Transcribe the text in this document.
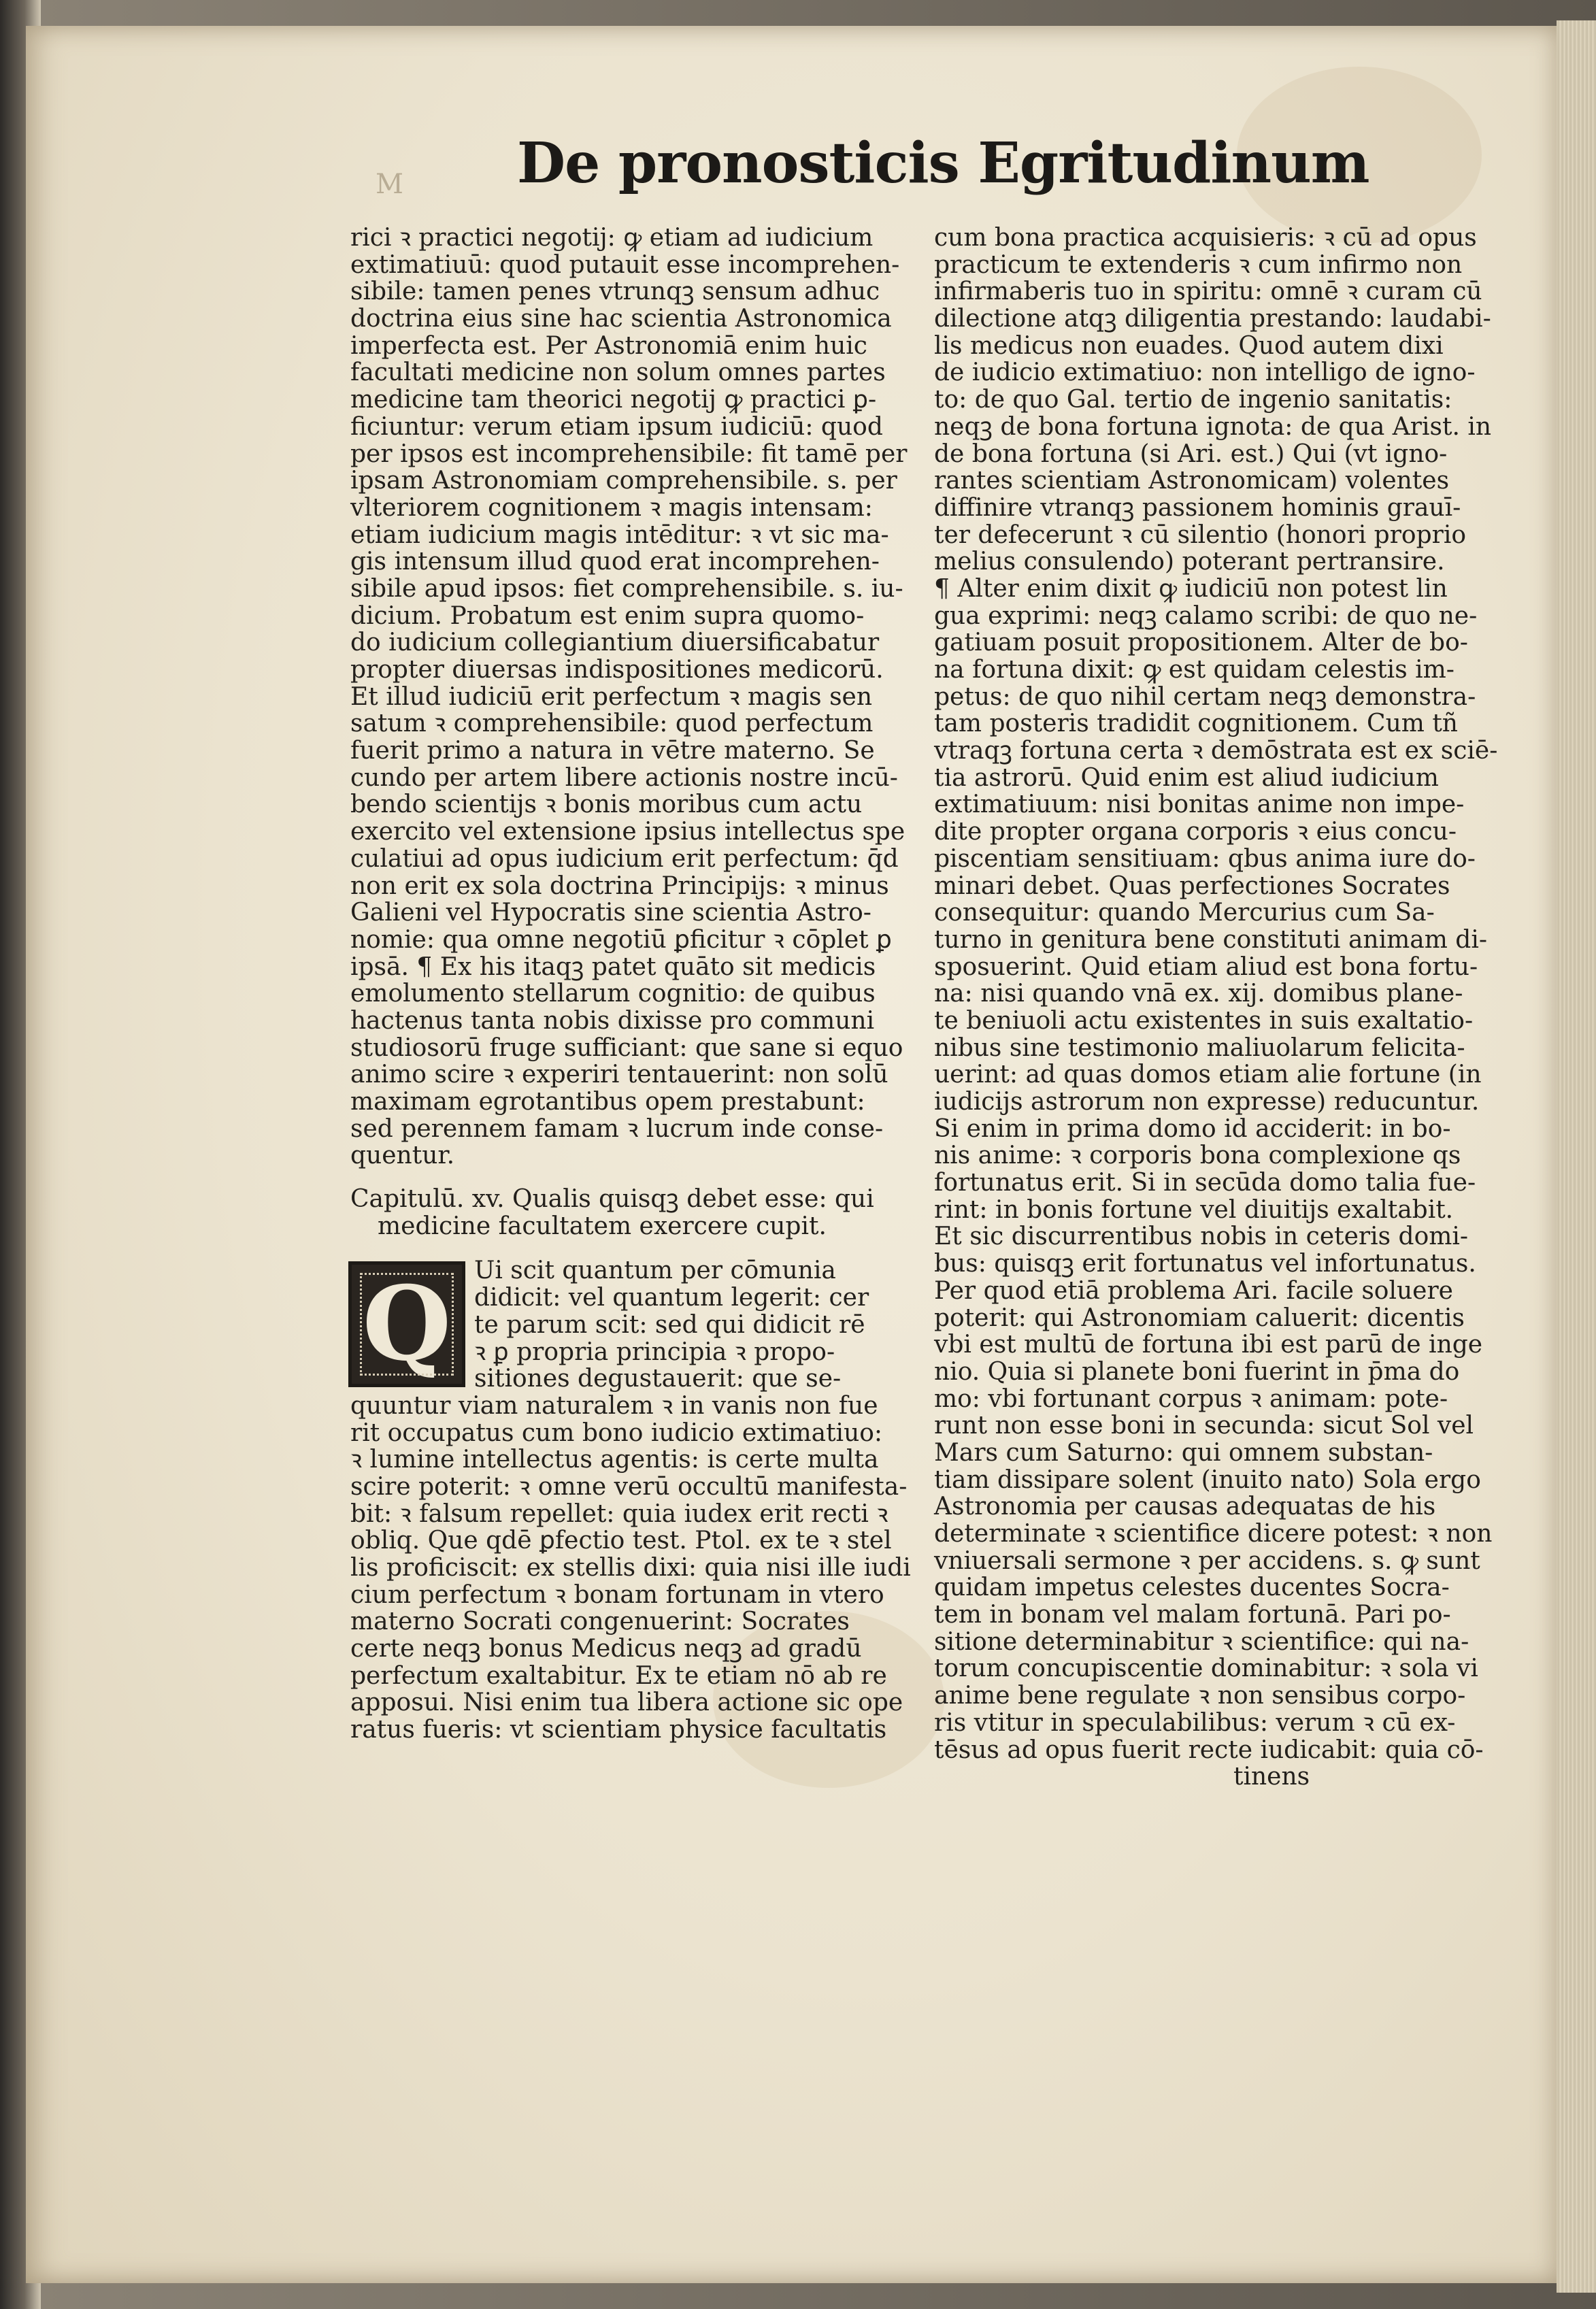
M De pronosticis Egritudinum
rici ꝛ practici negotij: ꝙ etiam ad iudicium
extimatiuū: quod putauit esse incomprehen-
sibile: tamen penes vtrunqꝫ sensum adhuc
doctrina eius sine hac scientia Astronomica
imperfecta est. Per Astronomiā enim huic
facultati medicine non solum omnes partes
medicine tam theorici negotij ꝙ practici ꝑ-
ficiuntur: verum etiam ipsum iudiciū: quod
per ipsos est incomprehensibile: fit tamē per
ipsam Astronomiam comprehensibile. s. per
vlteriorem cognitionem ꝛ magis intensam:
etiam iudicium magis intēditur: ꝛ vt sic ma-
gis intensum illud quod erat incomprehen-
sibile apud ipsos: fiet comprehensibile. s. iu-
dicium. Probatum est enim supra quomo-
do iudicium collegiantium diuersificabatur
propter diuersas indispositiones medicorū.
Et illud iudiciū erit perfectum ꝛ magis sen
satum ꝛ comprehensibile: quod perfectum
fuerit primo a natura in vētre materno. Se
cundo per artem libere actionis nostre incū-
bendo scientijs ꝛ bonis moribus cum actu
exercito vel extensione ipsius intellectus spe
culatiui ad opus iudicium erit perfectum: q̄d
non erit ex sola doctrina Principijs: ꝛ minus
Galieni vel Hypocratis sine scientia Astro-
nomie: qua omne negotiū ꝑficitur ꝛ cōplet ꝑ
ipsā. ¶ Ex his itaqꝫ patet quāto sit medicis
emolumento stellarum cognitio: de quibus
hactenus tanta nobis dixisse pro communi
studiosorū fruge sufficiant: que sane si equo
animo scire ꝛ experiri tentauerint: non solū
maximam egrotantibus opem prestabunt:
sed perennem famam ꝛ lucrum inde conse-
quentur.
Capitulū. xv. Qualis quisqꝫ debet esse: qui
medicine facultatem exercere cupit.
Q Ui scit quantum per cōmunia
didicit: vel quantum legerit: cer
te parum scit: sed qui didicit rē
ꝛ ꝑ propria principia ꝛ propo-
sitiones degustauerit: que se-
quuntur viam naturalem ꝛ in vanis non fue
rit occupatus cum bono iudicio extimatiuo:
ꝛ lumine intellectus agentis: is certe multa
scire poterit: ꝛ omne verū occultū manifesta-
bit: ꝛ falsum repellet: quia iudex erit recti ꝛ
obliq. Que qdē ꝑfectio test. Ptol. ex te ꝛ stel
lis proficiscit: ex stellis dixi: quia nisi ille iudi
cium perfectum ꝛ bonam fortunam in vtero
materno Socrati congenuerint: Socrates
certe neqꝫ bonus Medicus neqꝫ ad gradū
perfectum exaltabitur. Ex te etiam nō ab re
apposui. Nisi enim tua libera actione sic ope
ratus fueris: vt scientiam physice facultatis
cum bona practica acquisieris: ꝛ cū ad opus
practicum te extenderis ꝛ cum infirmo non
infirmaberis tuo in spiritu: omnē ꝛ curam cū
dilectione atqꝫ diligentia prestando: laudabi-
lis medicus non euades. Quod autem dixi
de iudicio extimatiuo: non intelligo de igno-
to: de quo Gal. tertio de ingenio sanitatis:
neqꝫ de bona fortuna ignota: de qua Arist. in
de bona fortuna (si Ari. est.) Qui (vt igno-
rantes scientiam Astronomicam) volentes
diffinire vtranqꝫ passionem hominis grauī-
ter defecerunt ꝛ cū silentio (honori proprio
melius consulendo) poterant pertransire.
¶ Alter enim dixit ꝙ iudiciū non potest lin
gua exprimi: neqꝫ calamo scribi: de quo ne-
gatiuam posuit propositionem. Alter de bo-
na fortuna dixit: ꝙ est quidam celestis im-
petus: de quo nihil certam neqꝫ demonstra-
tam posteris tradidit cognitionem. Cum tñ
vtraqꝫ fortuna certa ꝛ demōstrata est ex sciē-
tia astrorū. Quid enim est aliud iudicium
extimatiuum: nisi bonitas anime non impe-
dite propter organa corporis ꝛ eius concu-
piscentiam sensitiuam: qbus anima iure do-
minari debet. Quas perfectiones Socrates
consequitur: quando Mercurius cum Sa-
turno in genitura bene constituti animam di-
sposuerint. Quid etiam aliud est bona fortu-
na: nisi quando vnā ex. xij. domibus plane-
te beniuoli actu existentes in suis exaltatio-
nibus sine testimonio maliuolarum felicita-
uerint: ad quas domos etiam alie fortune (in
iudicijs astrorum non expresse) reducuntur.
Si enim in prima domo id acciderit: in bo-
nis anime: ꝛ corporis bona complexione qs
fortunatus erit. Si in secūda domo talia fue-
rint: in bonis fortune vel diuitijs exaltabit.
Et sic discurrentibus nobis in ceteris domi-
bus: quisqꝫ erit fortunatus vel infortunatus.
Per quod etiā problema Ari. facile soluere
poterit: qui Astronomiam caluerit: dicentis
vbi est multū de fortuna ibi est parū de inge
nio. Quia si planete boni fuerint in p̄ma do
mo: vbi fortunant corpus ꝛ animam: pote-
runt non esse boni in secunda: sicut Sol vel
Mars cum Saturno: qui omnem substan-
tiam dissipare solent (inuito nato) Sola ergo
Astronomia per causas adequatas de his
determinate ꝛ scientifice dicere potest: ꝛ non
vniuersali sermone ꝛ per accidens. s. ꝙ sunt
quidam impetus celestes ducentes Socra-
tem in bonam vel malam fortunā. Pari po-
sitione determinabitur ꝛ scientifice: qui na-
torum concupiscentie dominabitur: ꝛ sola vi
anime bene regulate ꝛ non sensibus corpo-
ris vtitur in speculabilibus: verum ꝛ cū ex-
tēsus ad opus fuerit recte iudicabit: quia cō-
tinens
